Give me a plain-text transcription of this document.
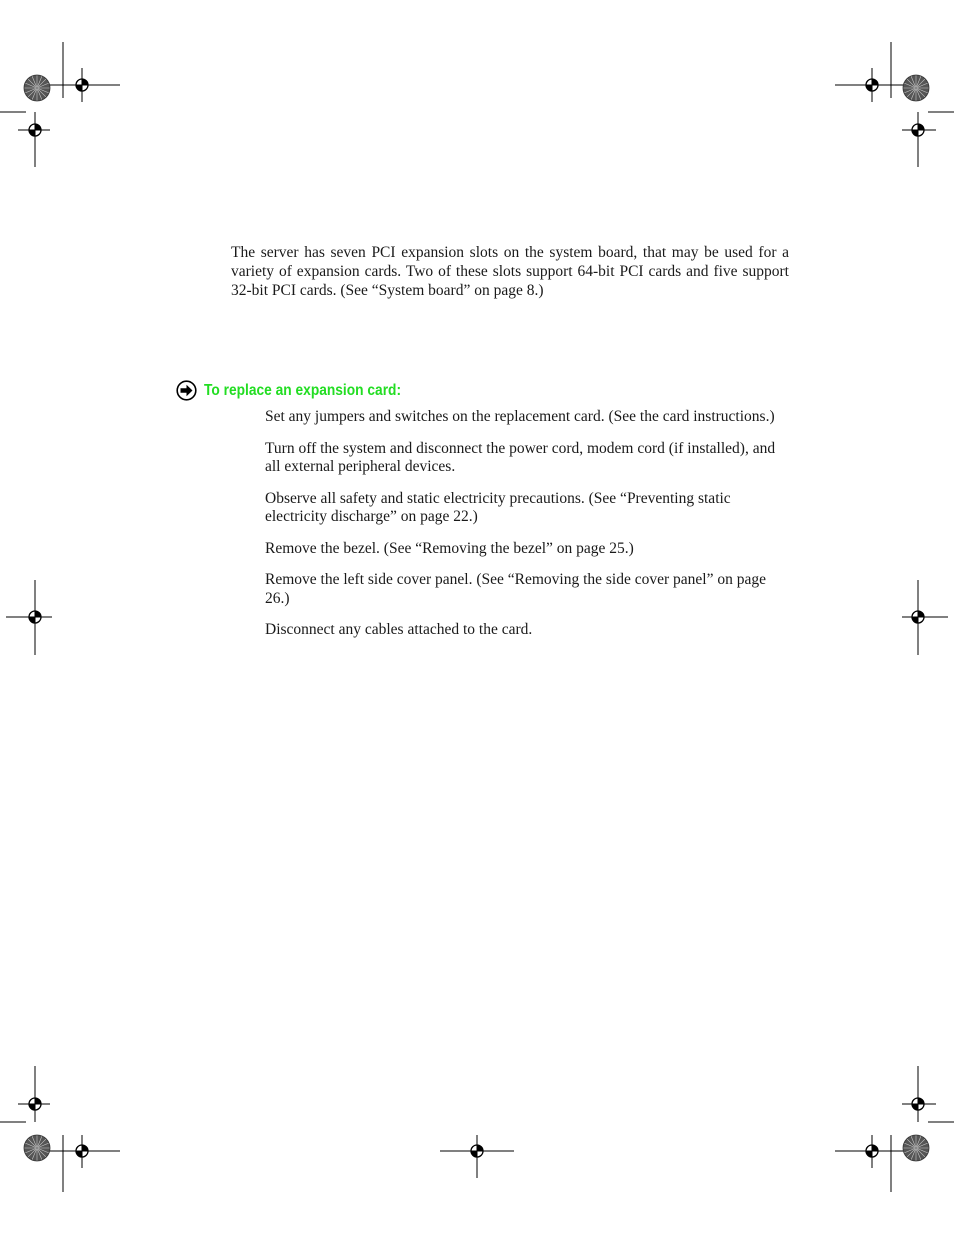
The server has seven PCI expansion slots on the system board, that may be used for a variety of expansion cards. Two of these slots support 64-bit PCI cards and five support 32-bit PCI cards. (See “System board” on page 8.)

To replace an expansion card:
Set any jumpers and switches on the replacement card. (See the card instructions.)
Turn off the system and disconnect the power cord, modem cord (if installed), and all external peripheral devices.
Observe all safety and static electricity precautions. (See “Preventing static electricity discharge” on page 22.)
Remove the bezel. (See “Removing the bezel” on page 25.)
Remove the left side cover panel. (See “Removing the side cover panel” on page 26.)
Disconnect any cables attached to the card.
